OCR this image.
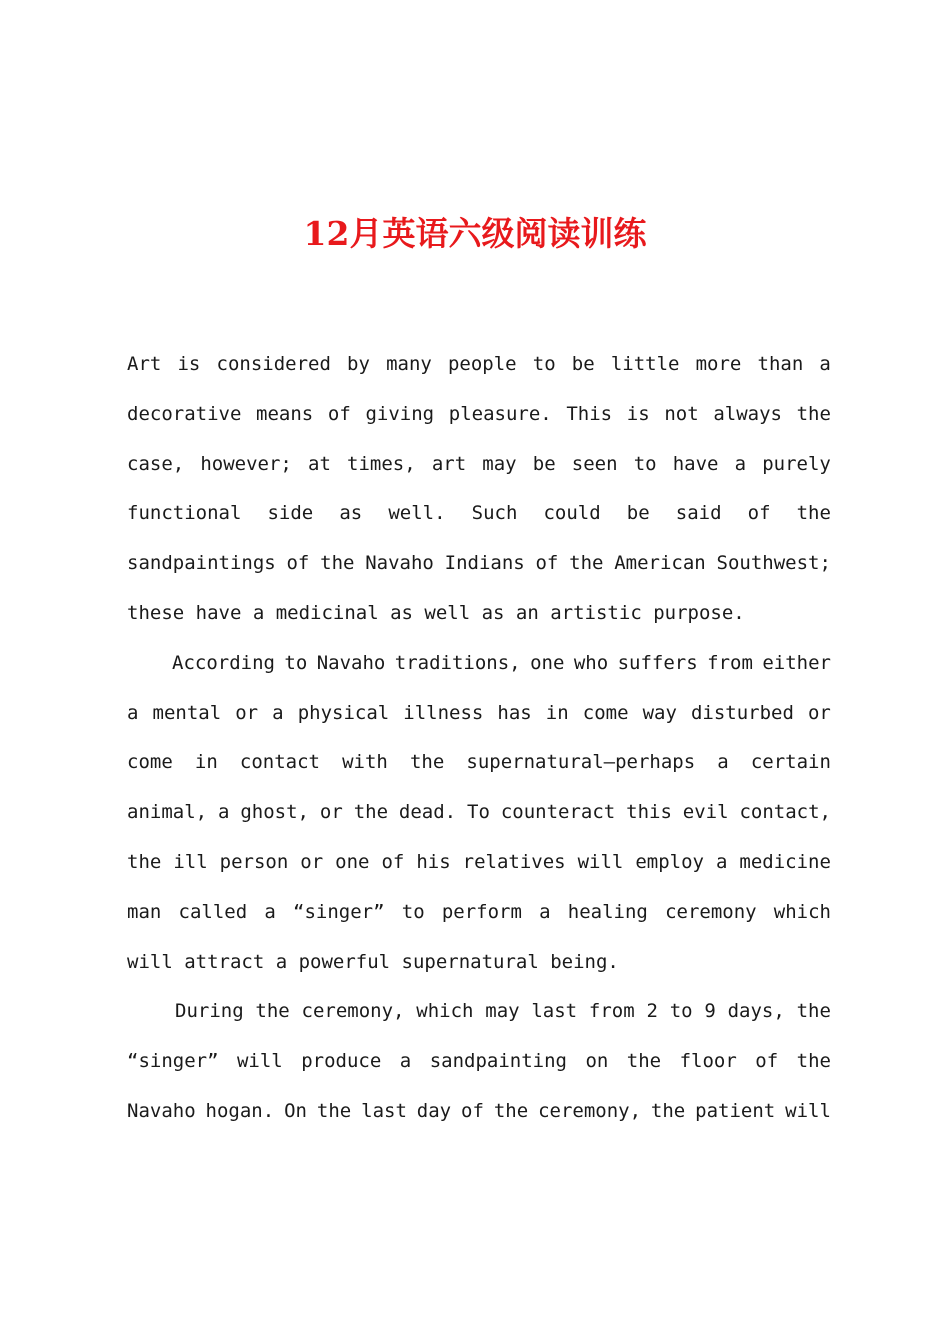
12月英语六级阅读训练
Art is considered by many people to be little more than a
decorative means of giving pleasure. This is not always the
case, however; at times, art may be seen to have a purely
functional side as well. Such could be said of the
sandpaintings of the Navaho Indians of the American Southwest;
these have a medicinal as well as an artistic purpose.
According to Navaho traditions, one who suffers from either
a mental or a physical illness has in come way disturbed or
come in contact with the supernatural—perhaps a certain
animal, a ghost, or the dead. To counteract this evil contact,
the ill person or one of his relatives will employ a medicine
man called a “singer” to perform a healing ceremony which
will attract a powerful supernatural being.
During the ceremony, which may last from 2 to 9 days, the
“singer” will produce a sandpainting on the floor of the
Navaho hogan. On the last day of the ceremony, the patient will
